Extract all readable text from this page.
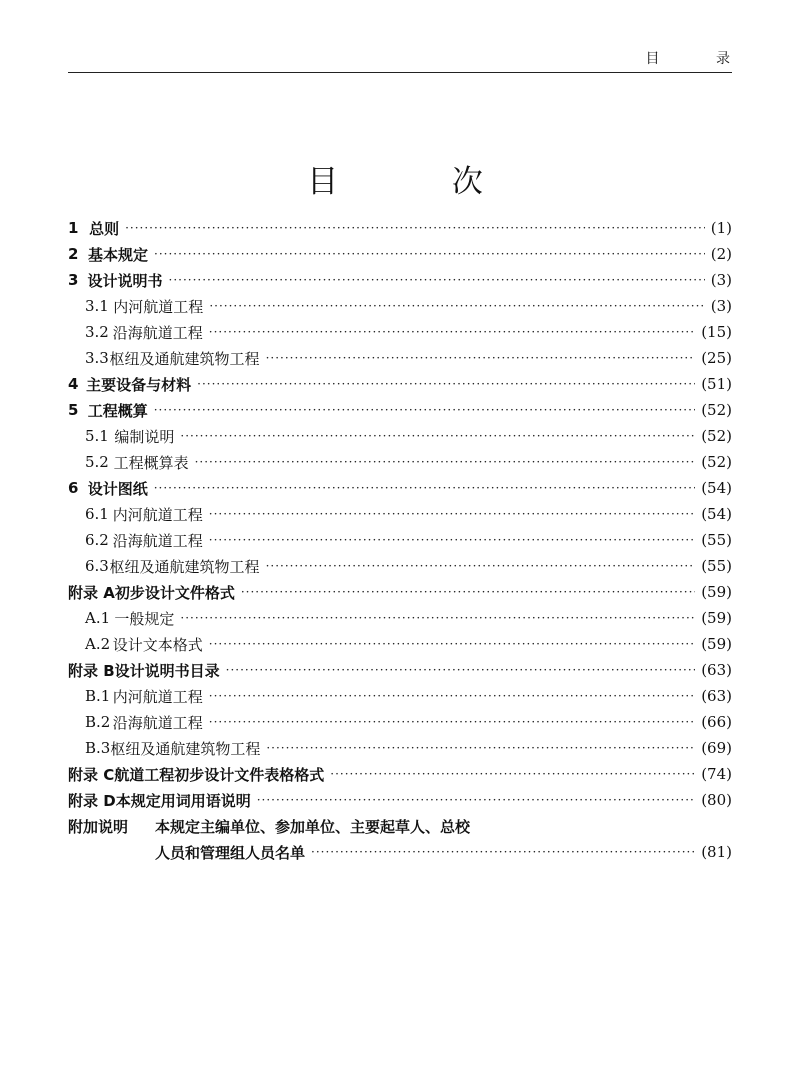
目 录
目 次
1 总则 ·····	(1)
2 基本规定 ·····	(2)
3 设计说明书 ·····	(3)
3.1 内河航道工程 ·····	(3)
3.2 沿海航道工程 ·····	(15)
3.3 枢纽及通航建筑物工程 ·····	(25)
4 主要设备与材料 ·····	(51)
5 工程概算 ·····	(52)
5.1 编制说明 ·····	(52)
5.2 工程概算表 ·····	(52)
6 设计图纸 ·····	(54)
6.1 内河航道工程 ·····	(54)
6.2 沿海航道工程 ·····	(55)
6.3 枢纽及通航建筑物工程 ·····	(55)
附录 A 初步设计文件格式 ·····	(59)
A.1 一般规定 ·····	(59)
A.2 设计文本格式 ·····	(59)
附录 B 设计说明书目录 ·····	(63)
B.1 内河航道工程 ·····	(63)
B.2 沿海航道工程 ·····	(66)
B.3 枢纽及通航建筑物工程 ·····	(69)
附录 C 航道工程初步设计文件表格格式 ·····	(74)
附录 D 本规定用词用语说明 ·····	(80)
附加说明	本规定主编单位、参加单位、主要起草人、总校
人员和管理组人员名单 ·····	(81)
